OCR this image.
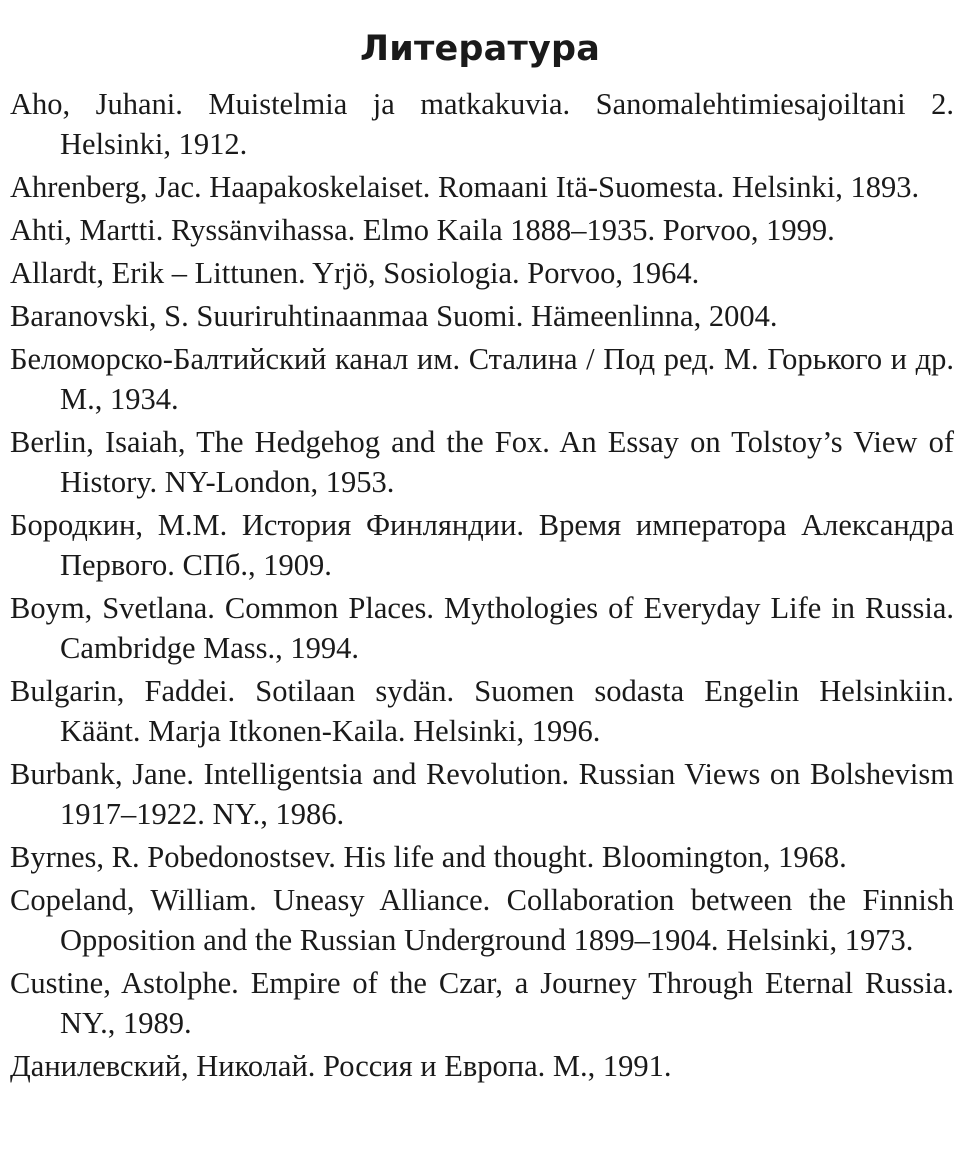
Литература
Aho, Juhani. Muistelmia ja matkakuvia. Sanomalehtimiesajoiltani 2. Helsinki, 1912.
Ahrenberg, Jac. Haapakoskelaiset. Romaani Itä-Suomesta. Helsinki, 1893.
Ahti, Martti. Ryssänvihassa. Elmo Kaila 1888–1935. Porvoo, 1999.
Allardt, Erik – Littunen. Yrjö, Sosiologia. Porvoo, 1964.
Baranovski, S. Suuriruhtinaanmaa Suomi. Hämeenlinna, 2004.
Беломорско-Балтийский канал им. Сталина / Под ред. М. Горького и др. М., 1934.
Berlin, Isaiah, The Hedgehog and the Fox. An Essay on Tolstoy’s View of History. NY-London, 1953.
Бородкин, М.М. История Финляндии. Время императора Александра Первого. СПб., 1909.
Boym, Svetlana. Common Places. Mythologies of Everyday Life in Russia. Cambridge Mass., 1994.
Bulgarin, Faddei. Sotilaan sydän. Suomen sodasta Engelin Helsinkiin. Käänt. Marja Itkonen-Kaila. Helsinki, 1996.
Burbank, Jane. Intelligentsia and Revolution. Russian Views on Bolshevism 1917–1922. NY., 1986.
Byrnes, R. Pobedonostsev. His life and thought. Bloomington, 1968.
Copeland, William. Uneasy Alliance. Collaboration between the Finnish Opposition and the Russian Underground 1899–1904. Helsinki, 1973.
Custine, Astolphe. Empire of the Czar, a Journey Through Eternal Russia. NY., 1989.
Данилевский, Николай. Россия и Европа. М., 1991.
